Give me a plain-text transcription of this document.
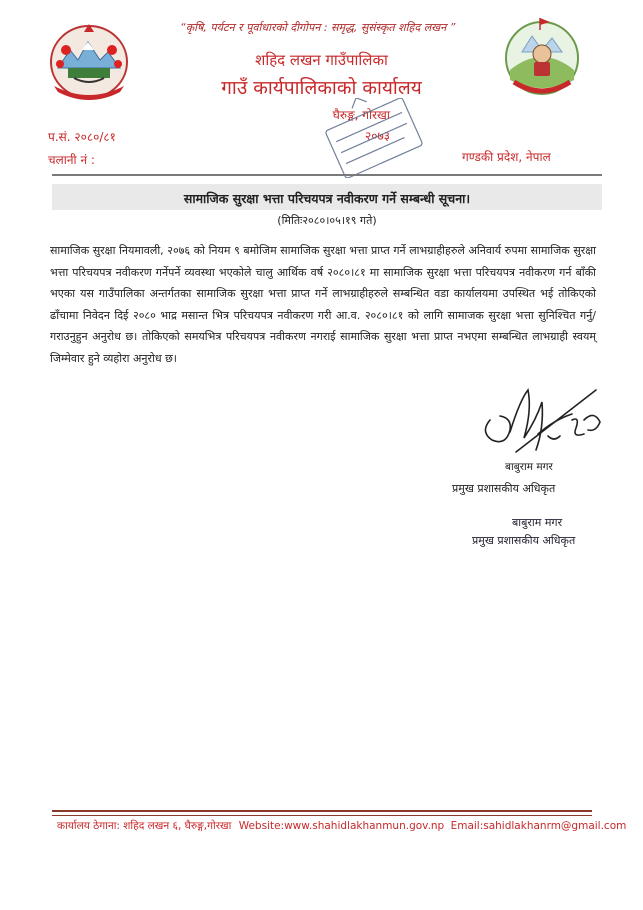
“कृषि, पर्यटन र पूर्वाधारको दीगोपन : समृद्ध, सुसंस्कृत शहिद लखन ”
शहिद लखन गाउँपालिका
गाउँ कार्यपालिकाको कार्यालय
घैरुङ्ग, गोरखा
२०७३
प.सं. २०८०/८१
चलानी नं :	गण्डकी प्रदेश, नेपाल
सामाजिक सुरक्षा भत्ता परिचयपत्र नवीकरण गर्ने सम्बन्धी सूचना।
(मितिः२०८०।०५।१९ गते)
सामाजिक सुरक्षा नियमावली, २०७६ को नियम ९ बमोजिम सामाजिक सुरक्षा भत्ता प्राप्त गर्ने लाभग्राहीहरुले अनिवार्य रुपमा सामाजिक सुरक्षा भत्ता परिचयपत्र नवीकरण गर्नेपर्ने व्यवस्था भएकोले चालु आर्थिक वर्ष २०८०।८१ मा सामाजिक सुरक्षा भत्ता परिचयपत्र नवीकरण गर्न बाँकी भएका यस गाउँपालिका अन्तर्गतका सामाजिक सुरक्षा भत्ता प्राप्त गर्ने लाभग्राहीहरुले सम्बन्धित वडा कार्यालयमा उपस्थित भई तोकिएको ढाँचामा निवेदन दिई २०८० भाद्र मसान्त भित्र परिचयपत्र नवीकरण गरी आ.व. २०८०।८१ को लागि सामाजक सुरक्षा भत्ता सुनिश्चित गर्नु/गराउनुहुन अनुरोध छ। तोकिएको समयभित्र परिचयपत्र नवीकरण नगराई सामाजिक सुरक्षा भत्ता प्राप्त नभएमा सम्बन्धित लाभग्राही स्वयम् जिम्मेवार हुने व्यहोरा अनुरोध छ।
बाबुराम मगर
प्रमुख प्रशासकीय अधिकृत
बाबुराम मगर
प्रमुख प्रशासकीय अधिकृत
कार्यालय ठेगाना: शहिद लखन ६, घैरुङ्ग,गोरखा Website:www.shahidlakhanmun.gov.np Email:sahidlakhanrm@gmail.com
